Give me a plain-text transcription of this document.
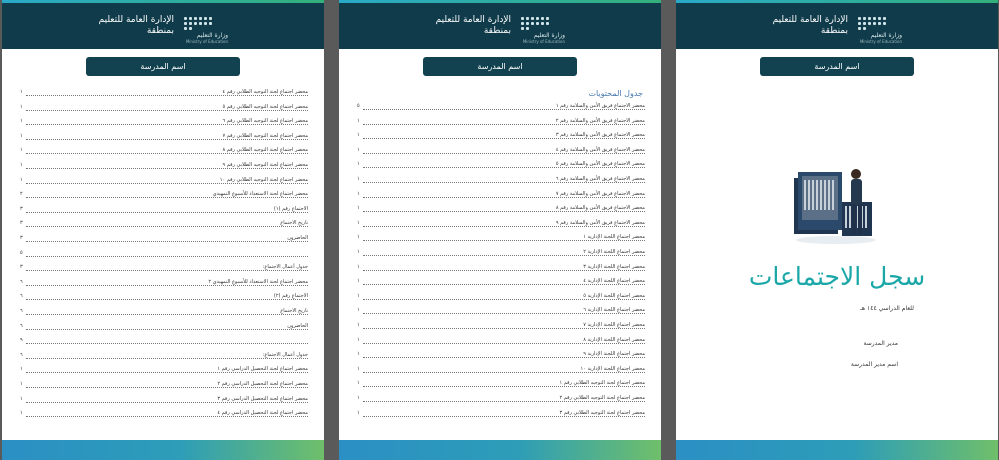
وزارة التعليم
Ministry of Education
الإدارة العامة للتعليم
بمنطقة
اسم المدرسة
محضر اجتماع لجنة التوجيه الطلابي رقم ٤
١
محضر اجتماع لجنة التوجيه الطلابي رقم ٥
١
محضر اجتماع لجنة التوجيه الطلابي رقم ٦
١
محضر اجتماع لجنة التوجيه الطلابي رقم ٧
١
محضر اجتماع لجنة التوجيه الطلابي رقم ٨
١
محضر اجتماع لجنة التوجيه الطلابي رقم ٩
١
محضر اجتماع لجنة التوجيه الطلابي رقم ١٠
١
محضر اجتماع لجنة الاستعداد للأسبوع التمهيدي
٢
الاجتماع رقم (١)
٣
تاريخ الاجتماع
٣
الحاضرون
٣
٥
جدول أعمال الاجتماع:
٣
محضر اجتماع لجنة الاستعداد للأسبوع التمهيدي ٢
٦
الاجتماع رقم (٢)
٦
تاريخ الاجتماع
٦
الحاضرون
٦
٩
جدول أعمال الاجتماع:
٦
محضر اجتماع لجنة التحصيل الدراسي رقم ١
١
محضر اجتماع لجنة التحصيل الدراسي رقم ٢
١
محضر اجتماع لجنة التحصيل الدراسي رقم ٣
١
محضر اجتماع لجنة التحصيل الدراسي رقم ٤
١
وزارة التعليم
Ministry of Education
الإدارة العامة للتعليم
بمنطقة
اسم المدرسة
جدول المحتويات
محضر الاجتماع فريق الأمن والسلامة رقم ١
٥
محضر الاجتماع فريق الأمن والسلامة رقم ٢
١
محضر الاجتماع فريق الأمن والسلامة رقم ٣
١
محضر الاجتماع فريق الأمن والسلامة رقم ٤
١
محضر الاجتماع فريق الأمن والسلامة رقم ٥
١
محضر الاجتماع فريق الأمن والسلامة رقم ٦
١
محضر الاجتماع فريق الأمن والسلامة رقم ٧
١
محضر الاجتماع فريق الأمن والسلامة رقم ٨
١
محضر الاجتماع فريق الأمن والسلامة رقم ٩
١
محضر اجتماع اللجنة الإدارية ١
١
محضر اجتماع اللجنة الإدارية ٢
١
محضر اجتماع اللجنة الإدارية ٣
١
محضر اجتماع اللجنة الإدارية ٤
١
محضر اجتماع اللجنة الإدارية ٥
١
محضر اجتماع اللجنة الإدارية ٦
١
محضر اجتماع اللجنة الإدارية ٧
١
محضر اجتماع اللجنة الإدارية ٨
١
محضر اجتماع اللجنة الإدارية ٩
١
محضر اجتماع اللجنة الإدارية ١٠
١
محضر اجتماع لجنة التوجيه الطلابي رقم ١
١
محضر اجتماع لجنة التوجيه الطلابي رقم ٢
١
محضر اجتماع لجنة التوجيه الطلابي رقم ٣
١
وزارة التعليم
Ministry of Education
الإدارة العامة للتعليم
بمنطقة
اسم المدرسة
سجل الاجتماعات
للعام الدراسي ١٤٤ هـ
مدير المدرسة
اسم مدير المدرسة
